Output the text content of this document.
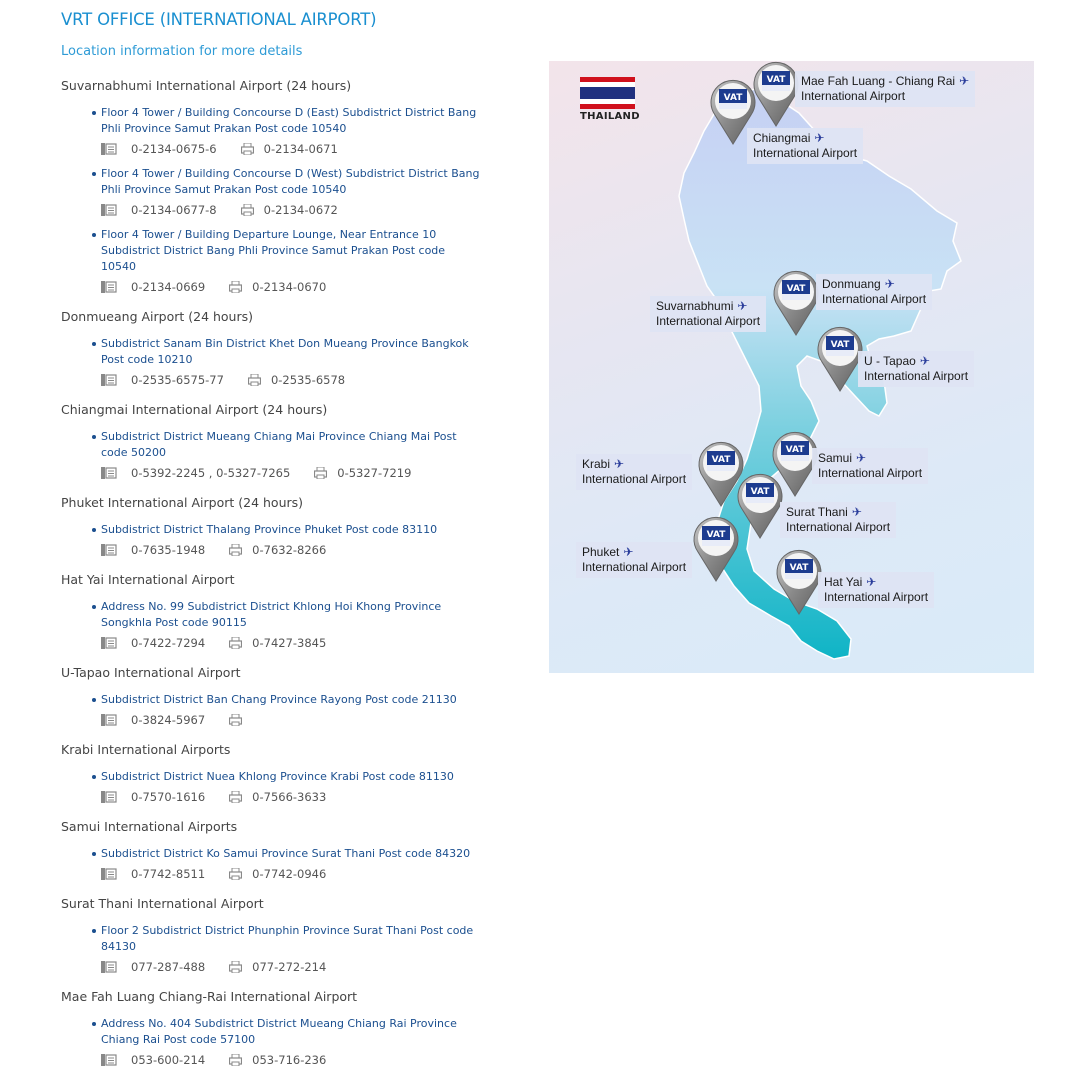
VRT OFFICE (INTERNATIONAL AIRPORT)
Location information for more details
Suvarnabhumi International Airport (24 hours)
Floor 4 Tower / Building Concourse D (East) Subdistrict District Bang Phli Province Samut Prakan Post code 10540
0-2134-0675-6	0-2134-0671
Floor 4 Tower / Building Concourse D (West) Subdistrict District Bang Phli Province Samut Prakan Post code 10540
0-2134-0677-8	0-2134-0672
Floor 4 Tower / Building Departure Lounge, Near Entrance 10 Subdistrict District Bang Phli Province Samut Prakan Post code 10540
0-2134-0669	0-2134-0670
Donmueang Airport (24 hours)
Subdistrict Sanam Bin District Khet Don Mueang Province Bangkok Post code 10210
0-2535-6575-77	0-2535-6578
Chiangmai International Airport (24 hours)
Subdistrict District Mueang Chiang Mai Province Chiang Mai Post code 50200
0-5392-2245 , 0-5327-7265	0-5327-7219
Phuket International Airport (24 hours)
Subdistrict District Thalang Province Phuket Post code 83110
0-7635-1948	0-7632-8266
Hat Yai International Airport
Address No. 99 Subdistrict District Khlong Hoi Khong Province Songkhla Post code 90115
0-7422-7294	0-7427-3845
U-Tapao International Airport
Subdistrict District Ban Chang Province Rayong Post code 21130
0-3824-5967
Krabi International Airports
Subdistrict District Nuea Khlong Province Krabi Post code 81130
0-7570-1616	0-7566-3633
Samui International Airports
Subdistrict District Ko Samui Province Surat Thani Post code 84320
0-7742-8511	0-7742-0946
Surat Thani International Airport
Floor 2 Subdistrict District Phunphin Province Surat Thani Post code 84130
077-287-488	077-272-214
Mae Fah Luang Chiang-Rai International Airport
Address No. 404 Subdistrict District Mueang Chiang Rai Province Chiang Rai Post code 57100
053-600-214	053-716-236
THAILAND
VAT Mae Fah Luang - Chiang Rai ✈
International Airport
VAT
Chiangmai ✈
International Airport
VAT Donmuang ✈
International Airport
Suvarnabhumi ✈
International Airport
VAT
U - Tapao ✈
International Airport
VAT
Krabi ✈
International Airport
VAT
Samui ✈
International Airport
VAT
Surat Thani ✈
International Airport
VAT
Phuket ✈
International Airport	VAT
Hat Yai ✈
International Airport
